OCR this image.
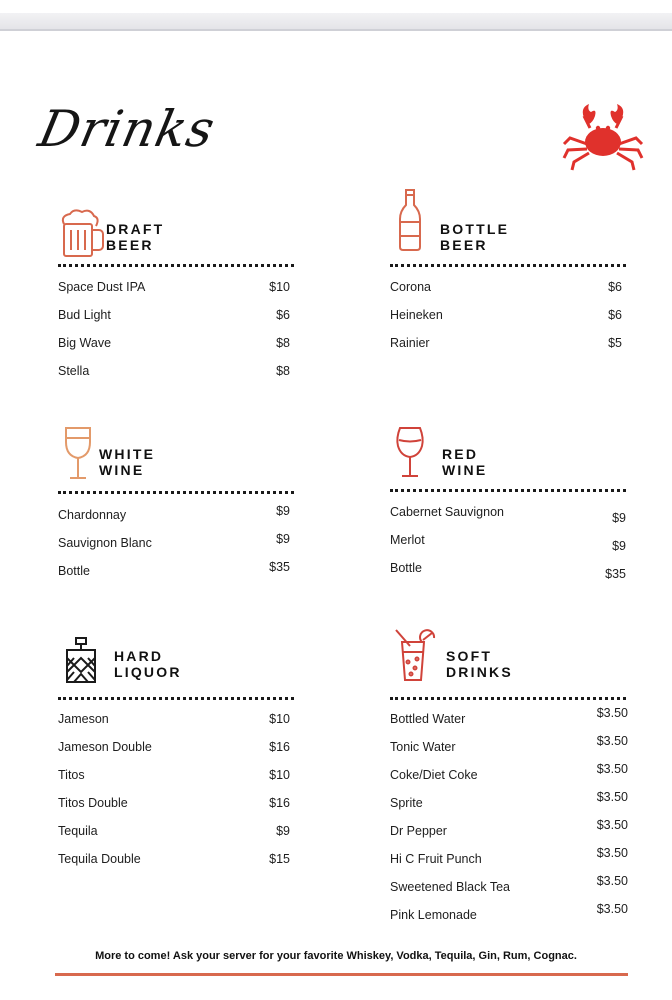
Drinks
DRAFT
BEER
Space Dust IPA	$10
Bud Light	$6
Big Wave	$8
Stella	$8
BOTTLE
BEER
Corona	$6
Heineken	$6
Rainier	$5
WHITE
WINE
Chardonnay	$9
Sauvignon Blanc	$9
Bottle	$35
RED
WINE
Cabernet Sauvignon	$9
Merlot	$9
Bottle	$35
HARD
LIQUOR
Jameson	$10
Jameson Double	$16
Titos	$10
Titos Double	$16
Tequila	$9
Tequila Double	$15
SOFT
DRINKS
Bottled Water	$3.50
Tonic Water	$3.50
Coke/Diet Coke	$3.50
Sprite	$3.50
Dr Pepper	$3.50
Hi C Fruit Punch	$3.50
Sweetened Black Tea	$3.50
Pink Lemonade	$3.50
More to come! Ask your server for your favorite Whiskey, Vodka, Tequila, Gin, Rum, Cognac.
